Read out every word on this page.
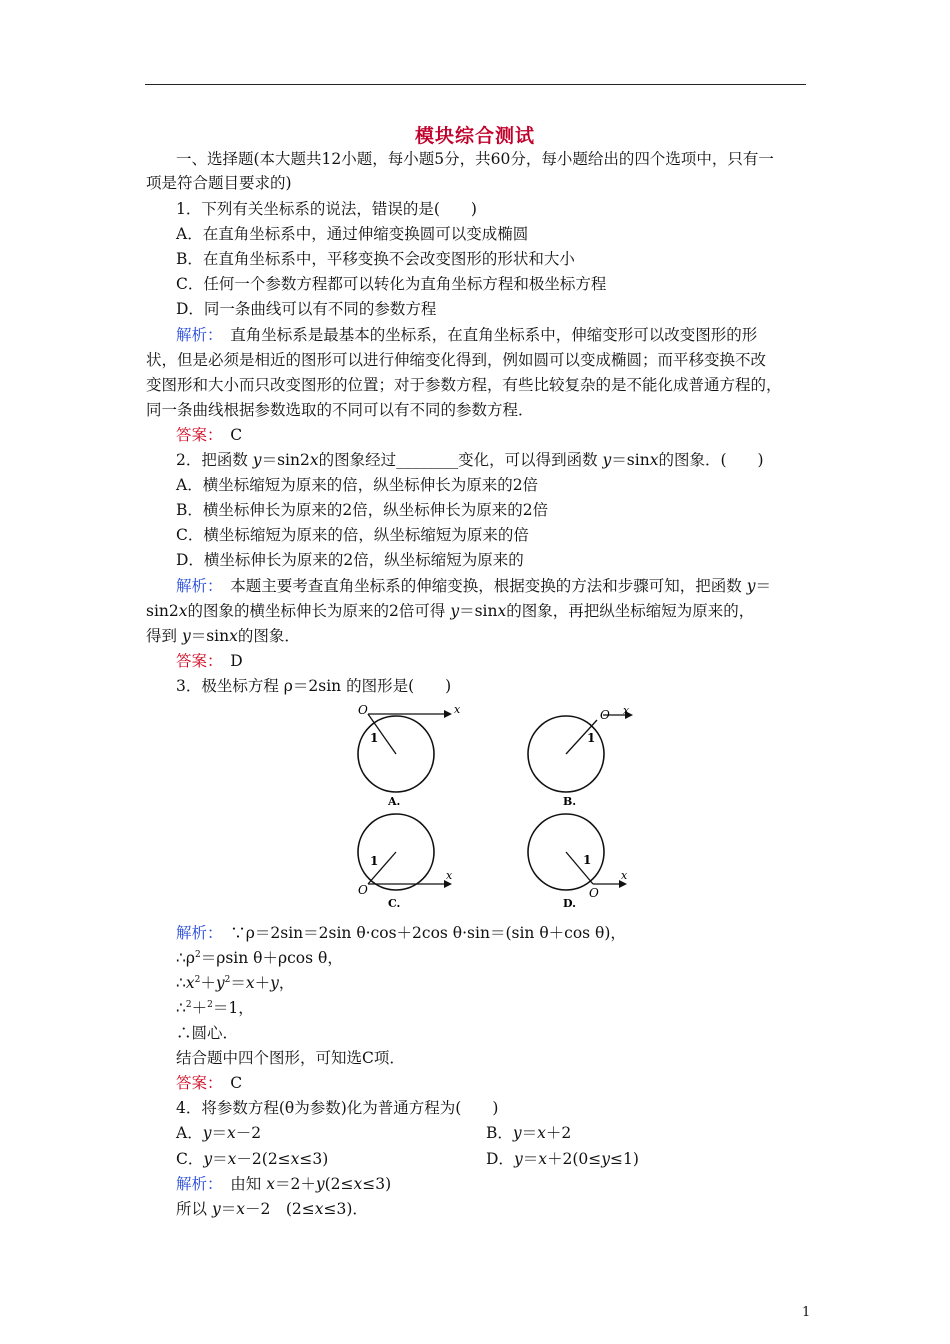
模块综合测试
一、选择题(本大题共12小题，每小题5分，共60分，每小题给出的四个选项中，只有一
项是符合题目要求的)
1．下列有关坐标系的说法，错误的是(　　)
A．在直角坐标系中，通过伸缩变换圆可以变成椭圆
B．在直角坐标系中，平移变换不会改变图形的形状和大小
C．任何一个参数方程都可以转化为直角坐标方程和极坐标方程
D．同一条曲线可以有不同的参数方程
解析：　直角坐标系是最基本的坐标系，在直角坐标系中，伸缩变形可以改变图形的形
状，但是必须是相近的图形可以进行伸缩变化得到，例如圆可以变成椭圆；而平移变换不改
变图形和大小而只改变图形的位置；对于参数方程，有些比较复杂的是不能化成普通方程的，
同一条曲线根据参数选取的不同可以有不同的参数方程．
答案：　C
2．把函数 y＝sin2x的图象经过________变化，可以得到函数 y＝sinx的图象．(　　)
A．横坐标缩短为原来的倍，纵坐标伸长为原来的2倍
B．横坐标伸长为原来的2倍，纵坐标伸长为原来的2倍
C．横坐标缩短为原来的倍，纵坐标缩短为原来的倍
D．横坐标伸长为原来的2倍，纵坐标缩短为原来的
解析：　本题主要考查直角坐标系的伸缩变换，根据变换的方法和步骤可知，把函数 y＝
sin2x的图象的横坐标伸长为原来的2倍可得 y＝sinx的图象，再把纵坐标缩短为原来的，
得到 y＝sinx的图象．
答案：　D
3．极坐标方程 ρ＝2sin 的图形是(　　)
O	x
1
A.
O x
1
B.
O
x
1
C.
O
x
1
D.
解析：　∵ρ＝2sin＝2sin θ·cos＋2cos θ·sin＝(sin θ＋cos θ)，
$\therefore\rho^2=\rho\sin$ θ＋ρcos θ，
$\therefore x^2+y^2=x+y$，
∴$^2$＋$^2$＝1，
∴圆心．
结合题中四个图形，可知选C项．
答案：　C
4．将参数方程(θ为参数)化为普通方程为(　　)
A．y＝x－2	B．y＝x＋2
C．y＝x－2(2≤x≤3)	D．y＝x＋2(0≤y≤1)
解析：　由知 x＝2＋y(2≤x≤3)
所以 y＝x－2　(2≤x≤3)．
1
